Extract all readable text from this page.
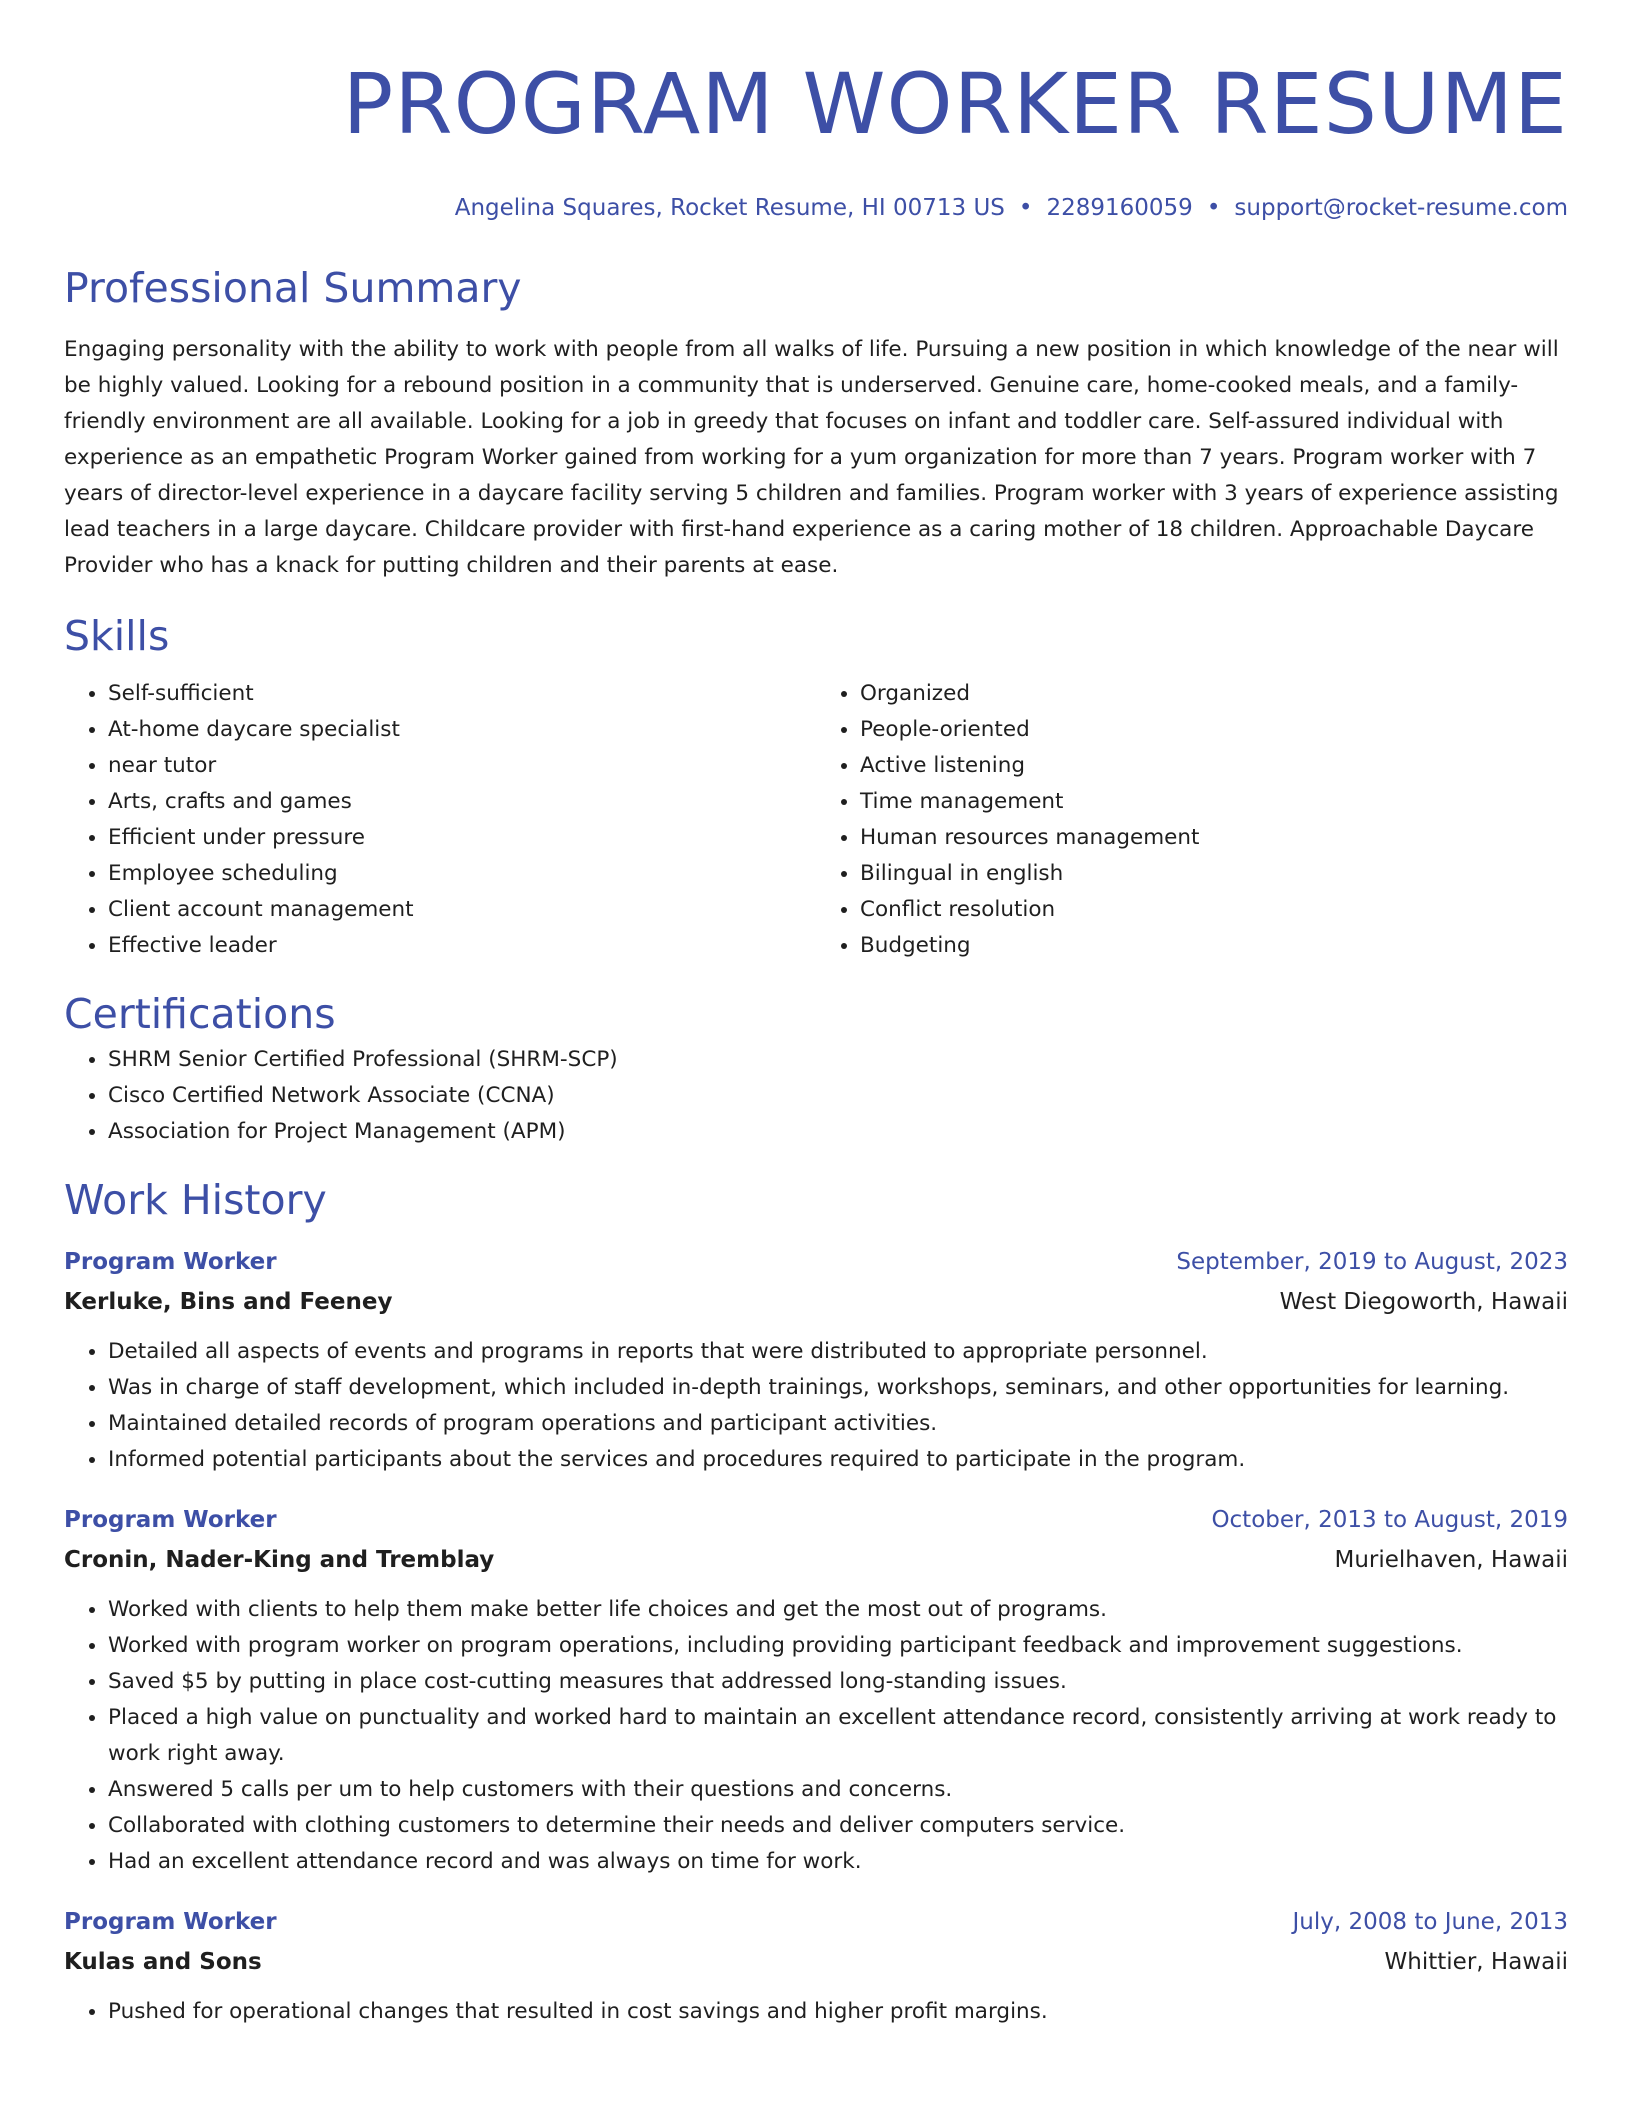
PROGRAM WORKER RESUME
Angelina Squares, Rocket Resume, HI 00713 US • 2289160059 • support@rocket-resume.com
Professional Summary

Engaging personality with the ability to work with people from all walks of life. Pursuing a new position in which knowledge of the near will be highly valued. Looking for a rebound position in a community that is underserved. Genuine care, home-cooked meals, and a family-friendly environment are all available. Looking for a job in greedy that focuses on infant and toddler care. Self-assured individual with experience as an empathetic Program Worker gained from working for a yum organization for more than 7 years. Program worker with 7 years of director-level experience in a daycare facility serving 5 children and families. Program worker with 3 years of experience assisting lead teachers in a large daycare. Childcare provider with first-hand experience as a caring mother of 18 children. Approachable Daycare Provider who has a knack for putting children and their parents at ease.

Skills
• Self-sufficient
• At-home daycare specialist
• near tutor
• Arts, crafts and games
• Efficient under pressure
• Employee scheduling
• Client account management
• Effective leader
• Organized
• People-oriented
• Active listening
• Time management
• Human resources management
• Bilingual in english
• Conflict resolution
• Budgeting
Certifications
• SHRM Senior Certified Professional (SHRM-SCP)
• Cisco Certified Network Associate (CCNA)
• Association for Project Management (APM)
Work History
Program Worker	September, 2019 to August, 2023
Kerluke, Bins and Feeney	West Diegoworth, Hawaii
• Detailed all aspects of events and programs in reports that were distributed to appropriate personnel.
• Was in charge of staff development, which included in-depth trainings, workshops, seminars, and other opportunities for learning.
• Maintained detailed records of program operations and participant activities.
• Informed potential participants about the services and procedures required to participate in the program.
Program Worker	October, 2013 to August, 2019
Cronin, Nader-King and Tremblay	Murielhaven, Hawaii
• Worked with clients to help them make better life choices and get the most out of programs.
• Worked with program worker on program operations, including providing participant feedback and improvement suggestions.
• Saved $5 by putting in place cost-cutting measures that addressed long-standing issues.
• Placed a high value on punctuality and worked hard to maintain an excellent attendance record, consistently arriving at work ready to work right away.
• Answered 5 calls per um to help customers with their questions and concerns.
• Collaborated with clothing customers to determine their needs and deliver computers service.
• Had an excellent attendance record and was always on time for work.
Program Worker	July, 2008 to June, 2013
Kulas and Sons	Whittier, Hawaii
• Pushed for operational changes that resulted in cost savings and higher profit margins.
